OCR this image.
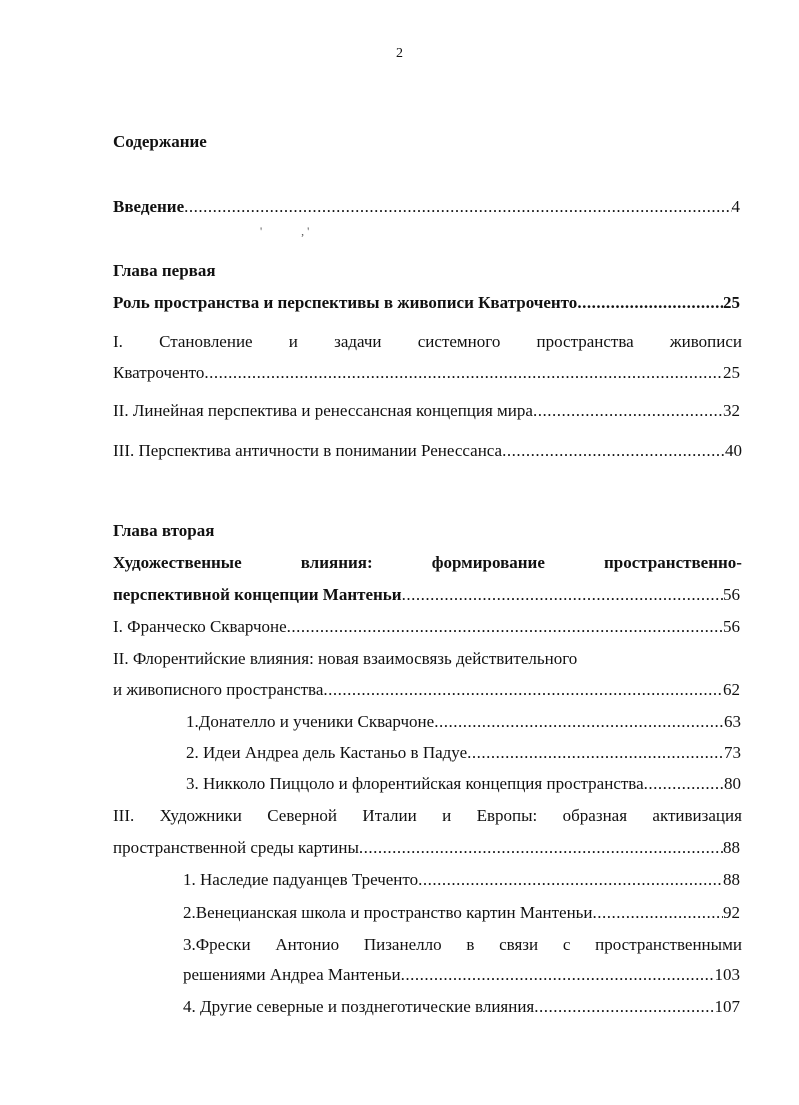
2
Содержание
Введение .....	4
'             , '
Глава первая
Роль пространства и перспективы в живописи Кватроченто .....	25
I. Становление и задачи системного пространства живописи
Кватроченто .....	25
II. Линейная перспектива и ренессансная концепция мира .....	32
III. Перспектива античности в понимании Ренессанса .....	40
Глава вторая
Художественные	влияния:	формирование	пространственно-
перспективной концепции Мантеньи .....	56
I. Франческо Скварчоне .....	56
II. Флорентийские влияния: новая взаимосвязь действительного
и живописного пространства .....	62
1.Донателло и ученики Скварчоне .....	63
2. Идеи Андреа дель Кастаньо в Падуе .....	73
3. Никколо Пиццоло и флорентийская концепция пространства .....	80
III. Художники Северной Италии и Европы: образная активизация
пространственной среды картины .....	88
1. Наследие падуанцев Треченто .....	88
2.Венецианская школа и пространство картин Мантеньи .....	92
3.Фрески Антонио Пизанелло в связи с пространственными
решениями Андреа Мантеньи .....	103
4. Другие северные и позднеготические влияния .....	107
